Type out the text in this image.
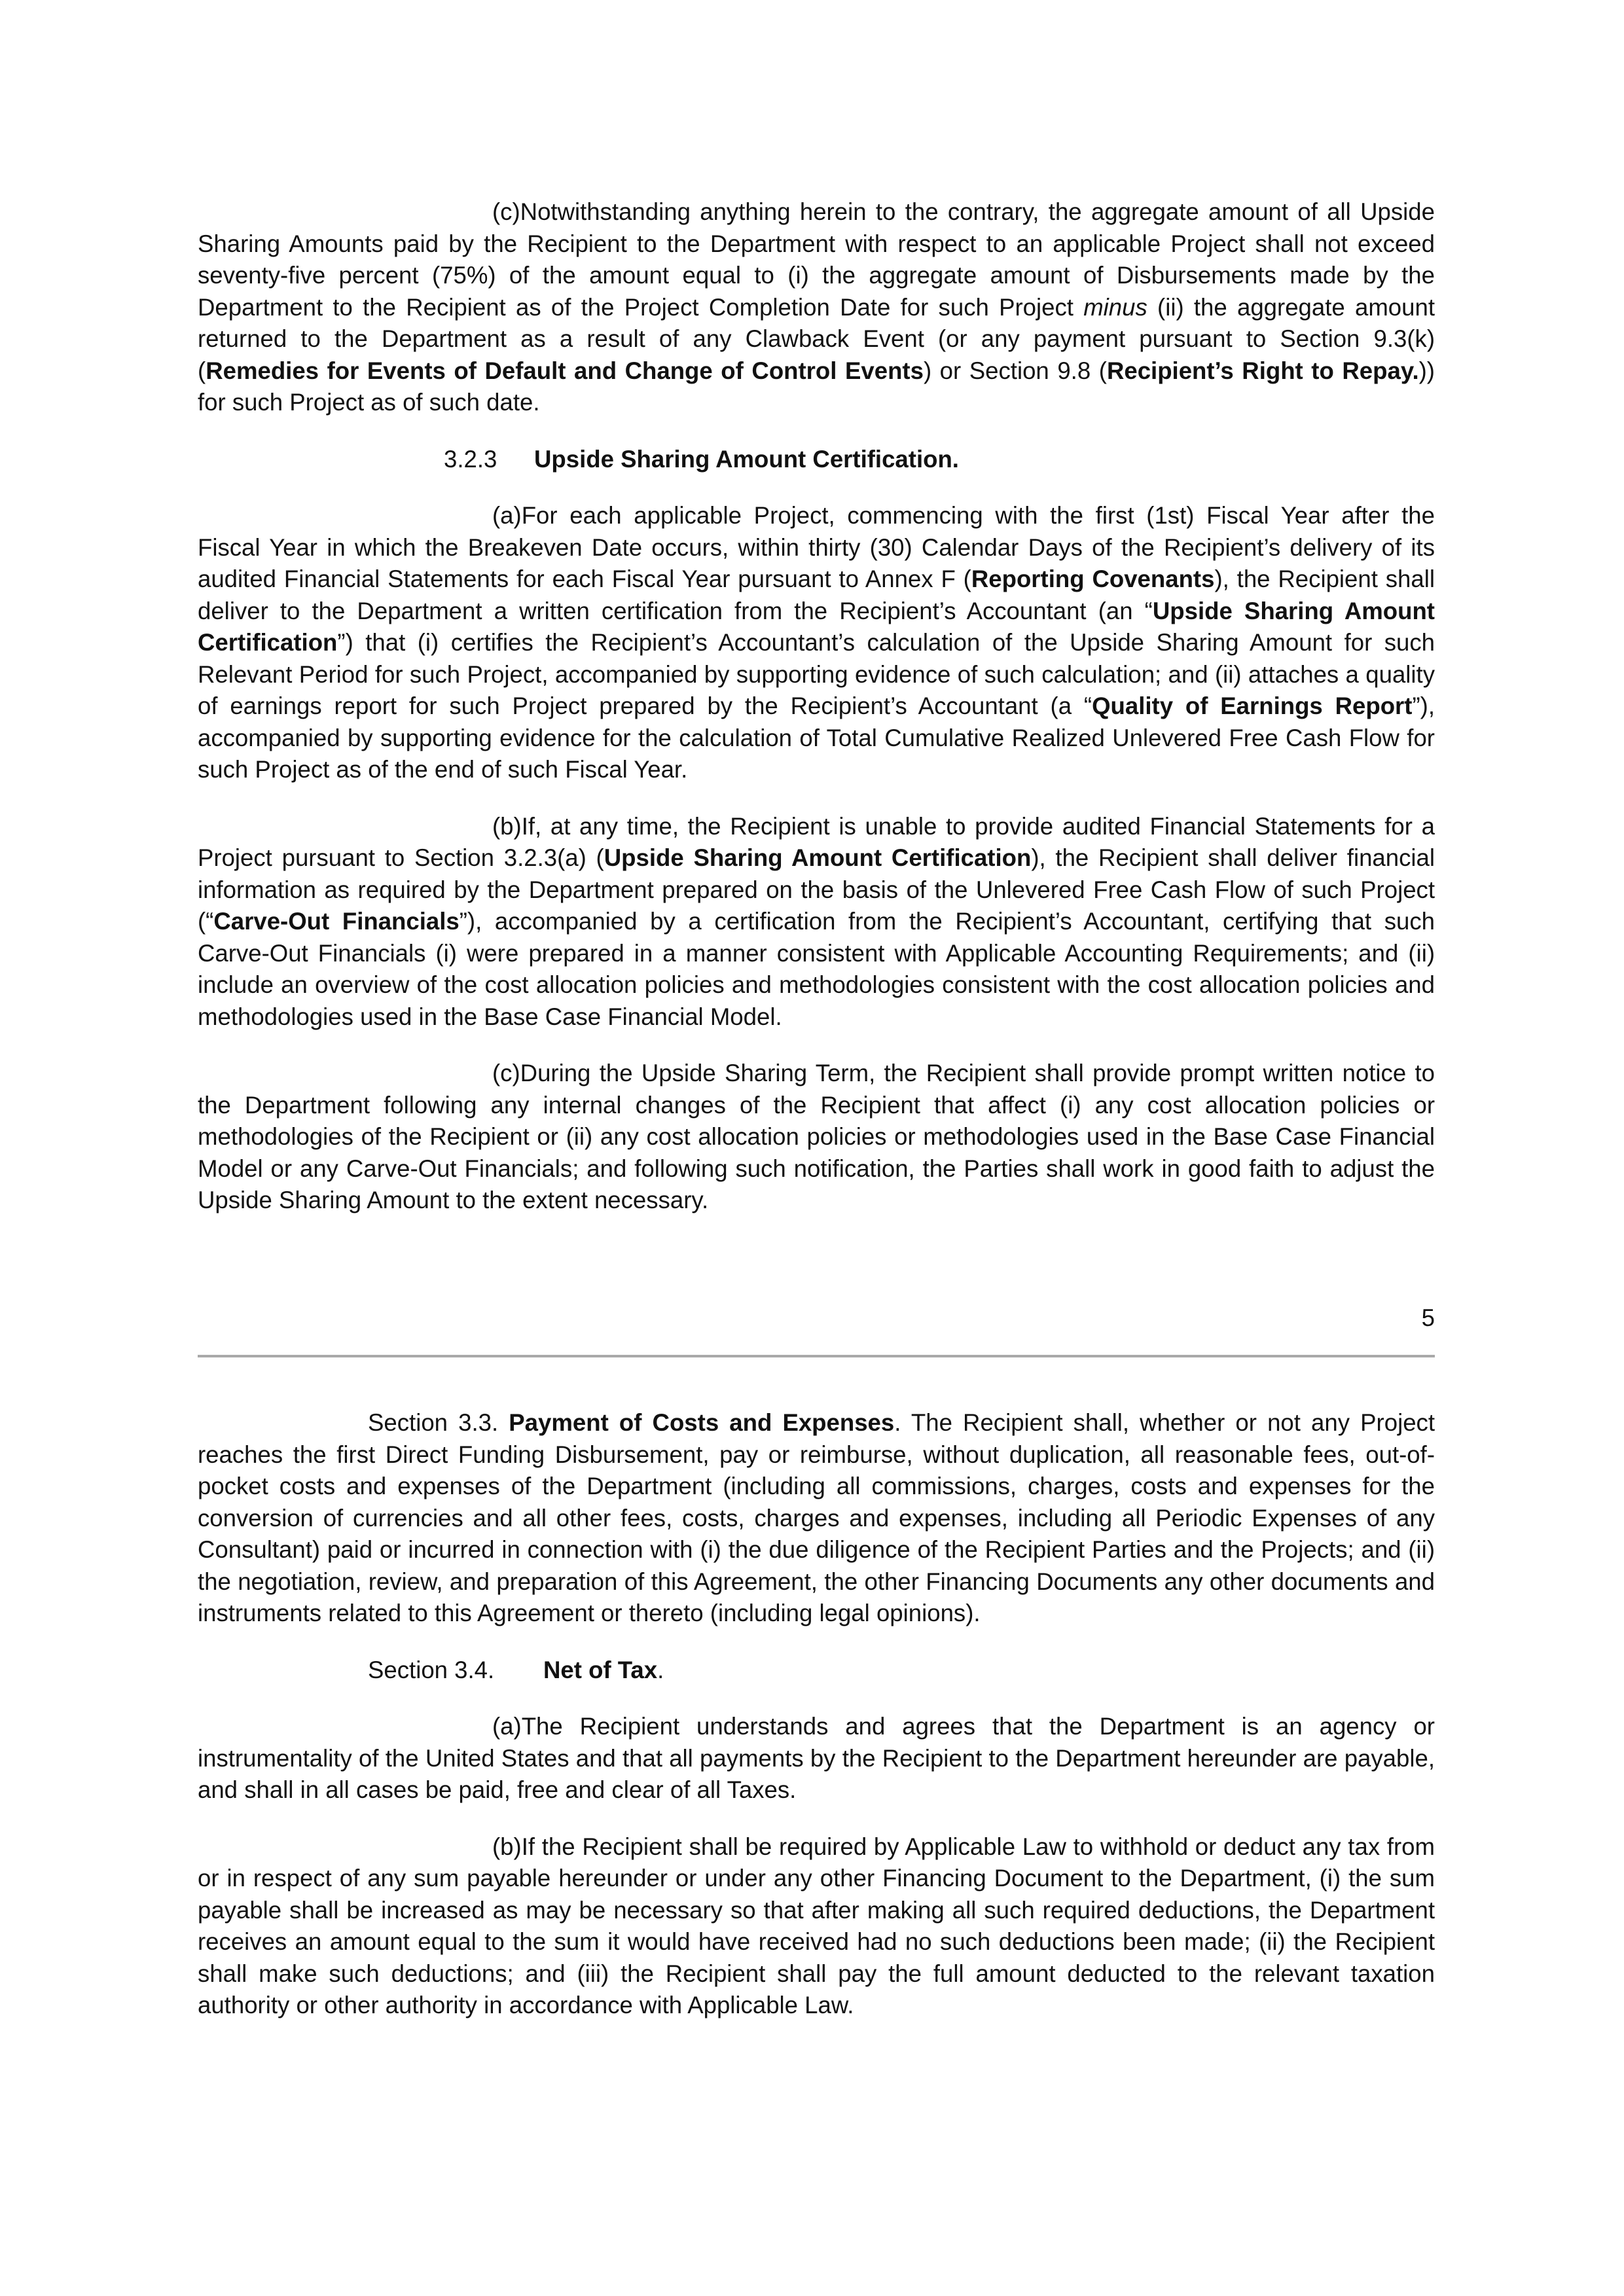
(c)Notwithstanding anything herein to the contrary, the aggregate amount of all Upside Sharing Amounts paid by the Recipient to the Department with respect to an applicable Project shall not exceed seventy-five percent (75%) of the amount equal to (i) the aggregate amount of Disbursements made by the Department to the Recipient as of the Project Completion Date for such Project minus (ii) the aggregate amount returned to the Department as a result of any Clawback Event (or any payment pursuant to Section 9.3(k) (Remedies for Events of Default and Change of Control Events) or Section 9.8 (Recipient’s Right to Repay.)) for such Project as of such date.

3.2.3 Upside Sharing Amount Certification.

(a)For each applicable Project, commencing with the first (1st) Fiscal Year after the Fiscal Year in which the Breakeven Date occurs, within thirty (30) Calendar Days of the Recipient’s delivery of its audited Financial Statements for each Fiscal Year pursuant to Annex F (Reporting Covenants), the Recipient shall deliver to the Department a written certification from the Recipient’s Accountant (an “Upside Sharing Amount Certification”) that (i) certifies the Recipient’s Accountant’s calculation of the Upside Sharing Amount for such Relevant Period for such Project, accompanied by supporting evidence of such calculation; and (ii) attaches a quality of earnings report for such Project prepared by the Recipient’s Accountant (a “Quality of Earnings Report”), accompanied by supporting evidence for the calculation of Total Cumulative Realized Unlevered Free Cash Flow for such Project as of the end of such Fiscal Year.

(b)If, at any time, the Recipient is unable to provide audited Financial Statements for a Project pursuant to Section 3.2.3(a) (Upside Sharing Amount Certification), the Recipient shall deliver financial information as required by the Department prepared on the basis of the Unlevered Free Cash Flow of such Project (“Carve-Out Financials”), accompanied by a certification from the Recipient’s Accountant, certifying that such Carve-Out Financials (i) were prepared in a manner consistent with Applicable Accounting Requirements; and (ii) include an overview of the cost allocation policies and methodologies consistent with the cost allocation policies and methodologies used in the Base Case Financial Model.

(c)During the Upside Sharing Term, the Recipient shall provide prompt written notice to the Department following any internal changes of the Recipient that affect (i) any cost allocation policies or methodologies of the Recipient or (ii) any cost allocation policies or methodologies used in the Base Case Financial Model or any Carve-Out Financials; and following such notification, the Parties shall work in good faith to adjust the Upside Sharing Amount to the extent necessary.

5

Section 3.3. Payment of Costs and Expenses. The Recipient shall, whether or not any Project reaches the first Direct Funding Disbursement, pay or reimburse, without duplication, all reasonable fees, out-of-pocket costs and expenses of the Department (including all commissions, charges, costs and expenses for the conversion of currencies and all other fees, costs, charges and expenses, including all Periodic Expenses of any Consultant) paid or incurred in connection with (i) the due diligence of the Recipient Parties and the Projects; and (ii) the negotiation, review, and preparation of this Agreement, the other Financing Documents any other documents and instruments related to this Agreement or thereto (including legal opinions).

Section 3.4. Net of Tax.

(a)The Recipient understands and agrees that the Department is an agency or instrumentality of the United States and that all payments by the Recipient to the Department hereunder are payable, and shall in all cases be paid, free and clear of all Taxes.

(b)If the Recipient shall be required by Applicable Law to withhold or deduct any tax from or in respect of any sum payable hereunder or under any other Financing Document to the Department, (i) the sum payable shall be increased as may be necessary so that after making all such required deductions, the Department receives an amount equal to the sum it would have received had no such deductions been made; (ii) the Recipient shall make such deductions; and (iii) the Recipient shall pay the full amount deducted to the relevant taxation authority or other authority in accordance with Applicable Law.
